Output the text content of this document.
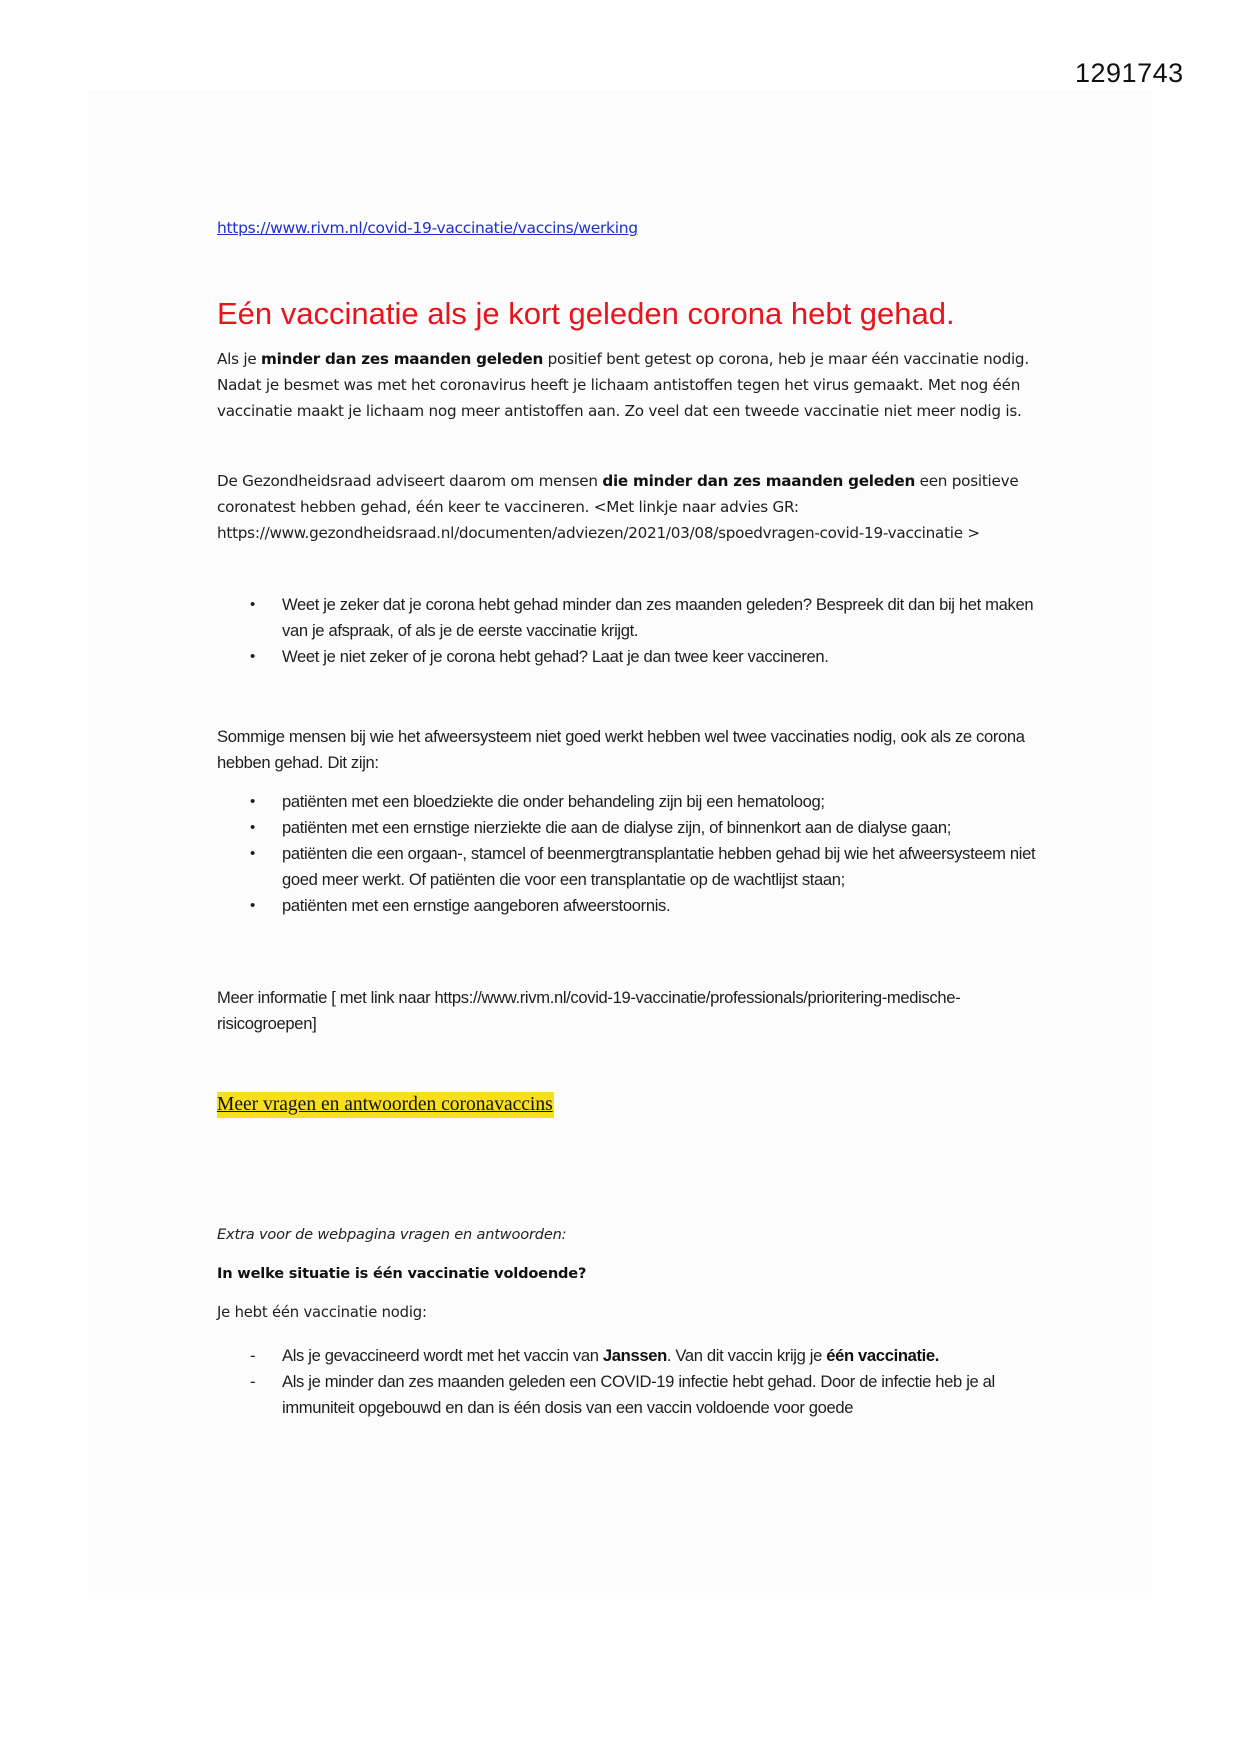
1291743
https://www.rivm.nl/covid-19-vaccinatie/vaccins/werking
Eén vaccinatie als je kort geleden corona hebt gehad.

Als je minder dan zes maanden geleden positief bent getest op corona, heb je maar één vaccinatie nodig. Nadat je besmet was met het coronavirus heeft je lichaam antistoffen tegen het virus gemaakt. Met nog één vaccinatie maakt je lichaam nog meer antistoffen aan. Zo veel dat een tweede vaccinatie niet meer nodig is.

De Gezondheidsraad adviseert daarom om mensen die minder dan zes maanden geleden een positieve coronatest hebben gehad, één keer te vaccineren. <Met linkje naar advies GR: https://www.gezondheidsraad.nl/documenten/adviezen/2021/03/08/spoedvragen-covid-19-vaccinatie >

• Weet je zeker dat je corona hebt gehad minder dan zes maanden geleden? Bespreek dit dan bij het maken van je afspraak, of als je de eerste vaccinatie krijgt.
• Weet je niet zeker of je corona hebt gehad? Laat je dan twee keer vaccineren.

Sommige mensen bij wie het afweersysteem niet goed werkt hebben wel twee vaccinaties nodig, ook als ze corona hebben gehad. Dit zijn:

• patiënten met een bloedziekte die onder behandeling zijn bij een hematoloog;
• patiënten met een ernstige nierziekte die aan de dialyse zijn, of binnenkort aan de dialyse gaan;
• patiënten die een orgaan-, stamcel of beenmergtransplantatie hebben gehad bij wie het afweersysteem niet goed meer werkt. Of patiënten die voor een transplantatie op de wachtlijst staan;
• patiënten met een ernstige aangeboren afweerstoornis.

Meer informatie [ met link naar https://www.rivm.nl/covid-19-vaccinatie/professionals/prioritering-medische-risicogroepen]

Meer vragen en antwoorden coronavaccins
Extra voor de webpagina vragen en antwoorden:
In welke situatie is één vaccinatie voldoende?
Je hebt één vaccinatie nodig:
- Als je gevaccineerd wordt met het vaccin van Janssen. Van dit vaccin krijg je één vaccinatie.
- Als je minder dan zes maanden geleden een COVID-19 infectie hebt gehad. Door de infectie heb je al immuniteit opgebouwd en dan is één dosis van een vaccin voldoende voor goede
